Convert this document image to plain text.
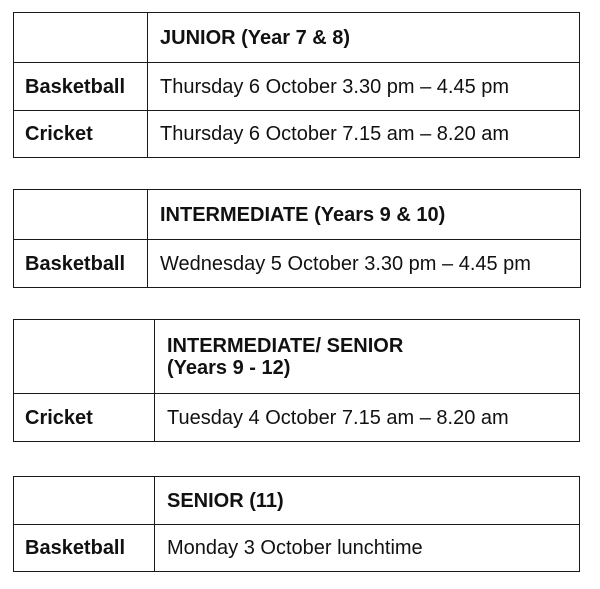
	JUNIOR (Year 7 & 8)
Basketball	Thursday 6 October 3.30 pm – 4.45 pm
Cricket	Thursday 6 October 7.15 am – 8.20 am
	INTERMEDIATE (Years 9 & 10)
Basketball	Wednesday 5 October 3.30 pm – 4.45 pm

	INTERMEDIATE/ SENIOR
(Years 9 - 12)

Cricket	Tuesday 4 October 7.15 am – 8.20 am
	SENIOR (11)
Basketball	Monday 3 October lunchtime
